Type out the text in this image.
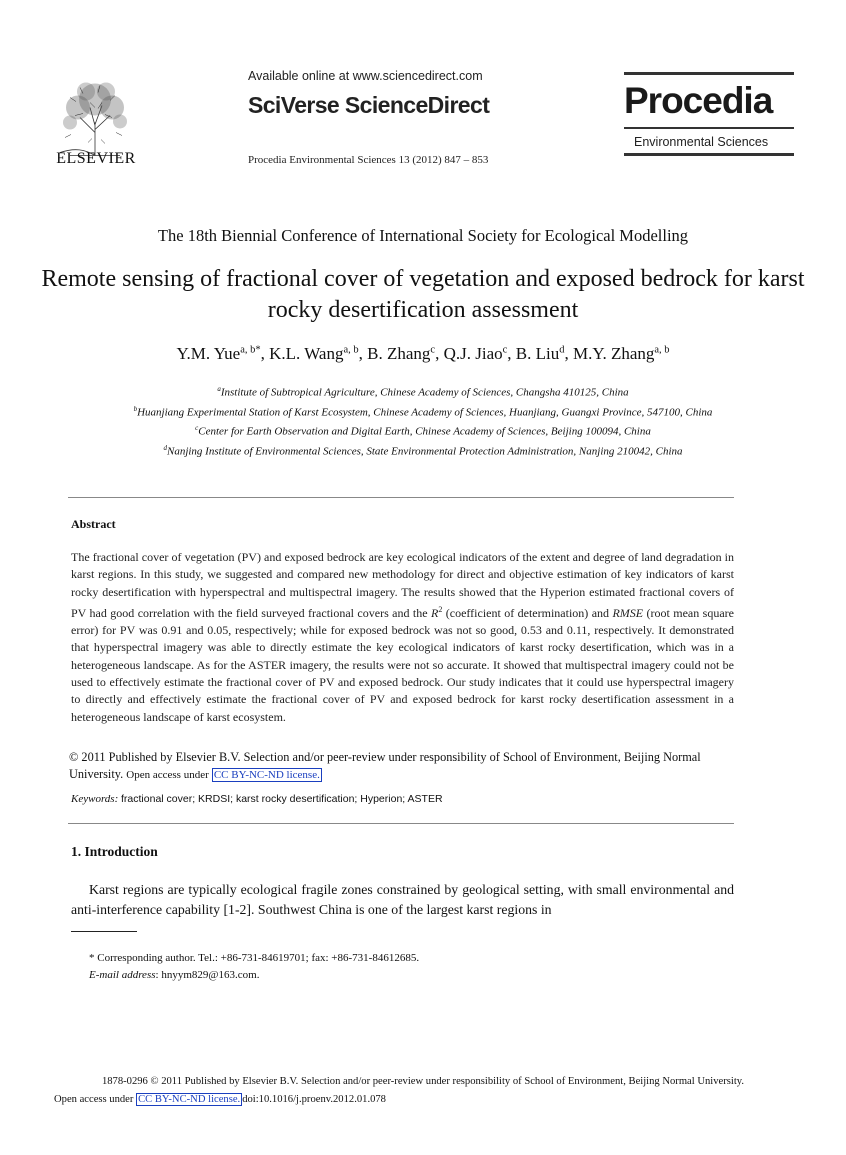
ELSEVIER
Available online at www.sciencedirect.com
SciVerse ScienceDirect
Procedia Environmental Sciences 13 (2012) 847 – 853
Procedia
Environmental Sciences
The 18th Biennial Conference of International Society for Ecological Modelling
Remote sensing of fractional cover of vegetation and exposed bedrock for karst rocky desertification assessment
Y.M. Yue$^{a, b*}$, K.L. Wang$^{a, b}$, B. Zhang$^c$, Q.J. Jiao$^c$, B. Liu$^d$, M.Y. Zhang$^{a, b}$
$^a$Institute of Subtropical Agriculture, Chinese Academy of Sciences, Changsha 410125, China
$^b$Huanjiang Experimental Station of Karst Ecosystem, Chinese Academy of Sciences, Huanjiang, Guangxi Province, 547100, China
$^c$Center for Earth Observation and Digital Earth, Chinese Academy of Sciences, Beijing 100094, China
$^d$Nanjing Institute of Environmental Sciences, State Environmental Protection Administration, Nanjing 210042, China
Abstract
The fractional cover of vegetation (PV) and exposed bedrock are key ecological indicators of the extent and degree of land degradation in karst regions. In this study, we suggested and compared new methodology for direct and objective estimation of key indicators of karst rocky desertification with hyperspectral and multispectral imagery. The results showed that the Hyperion estimated fractional covers of PV had good correlation with the field surveyed fractional covers and the $R^2$ (coefficient of determination) and RMSE (root mean square error) for PV was 0.91 and 0.05, respectively; while for exposed bedrock was not so good, 0.53 and 0.11, respectively. It demonstrated that hyperspectral imagery was able to directly estimate the key ecological indicators of karst rocky desertification, which was in a heterogeneous landscape. As for the ASTER imagery, the results were not so accurate. It showed that multispectral imagery could not be used to effectively estimate the fractional cover of PV and exposed bedrock. Our study indicates that it could use hyperspectral imagery to directly and effectively estimate the fractional cover of PV and exposed bedrock for karst rocky desertification assessment in a heterogeneous landscape of karst ecosystem.
© 2011 Published by Elsevier B.V. Selection and/or peer-review under responsibility of School of Environment, Beijing Normal University. Open access under CC BY-NC-ND license.
Keywords: fractional cover; KRDSI; karst rocky desertification; Hyperion; ASTER
1. Introduction
Karst regions are typically ecological fragile zones constrained by geological setting, with small environmental and anti-interference capability [1-2]. Southwest China is one of the largest karst regions in
* Corresponding author. Tel.: +86-731-84619701; fax: +86-731-84612685.
E-mail address: hnyym829@163.com.
1878-0296 © 2011 Published by Elsevier B.V. Selection and/or peer-review under responsibility of School of Environment, Beijing Normal University.
Open access under CC BY-NC-ND license. doi:10.1016/j.proenv.2012.01.078
